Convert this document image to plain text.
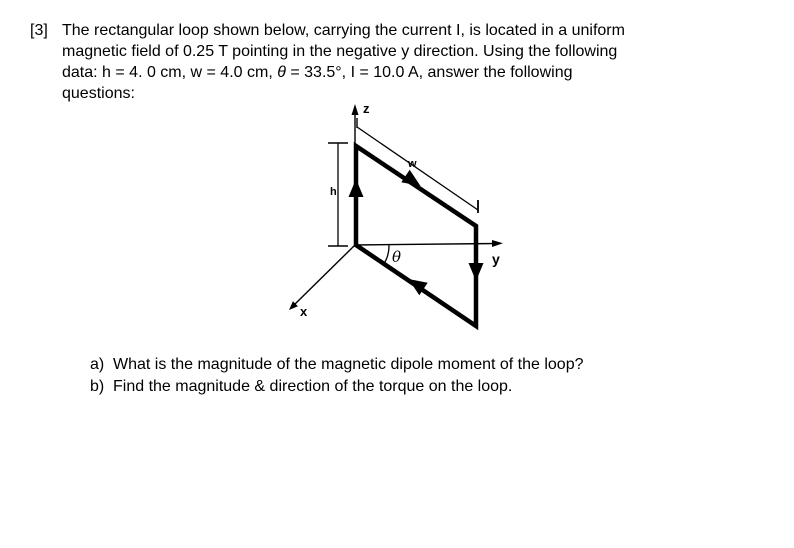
[3] The rectangular loop shown below, carrying the current I, is located in a uniform
magnetic field of 0.25 T pointing in the negative y direction. Using the following
data: h = 4. 0 cm, w = 4.0 cm, θ = 33.5°, I = 10.0 A, answer the following
questions:
z
y
x
h
w
θ
a) What is the magnitude of the magnetic dipole moment of the loop?
b) Find the magnitude & direction of the torque on the loop.
